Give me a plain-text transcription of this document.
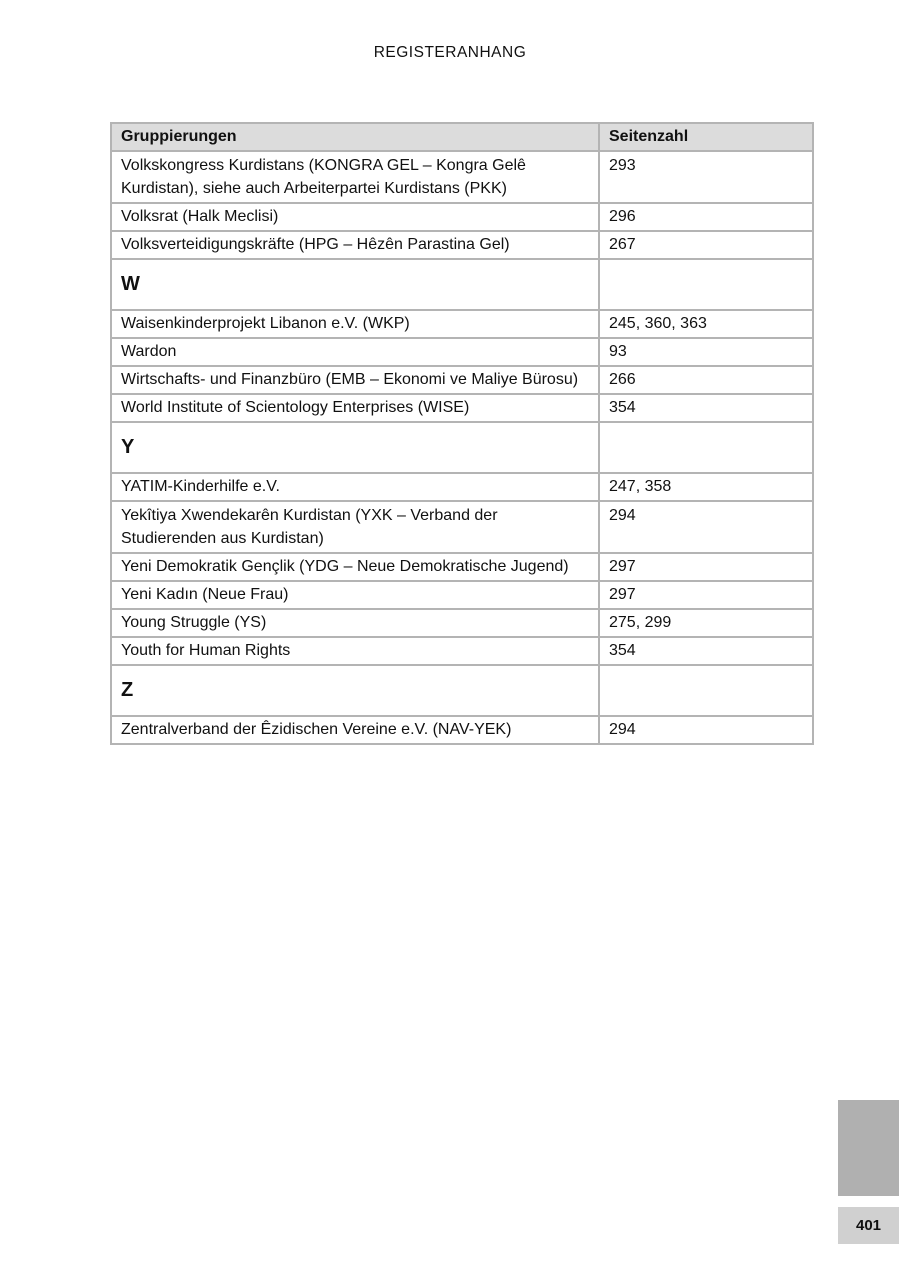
REGISTERANHANG
Gruppierungen	Seitenzahl
Volkskongress Kurdistans (KONGRA GEL – Kongra Gelê Kurdistan), siehe auch Arbeiterpartei Kurdistans (PKK)	293
Volksrat (Halk Meclisi)	296
Volksverteidigungskräfte (HPG – Hêzên Parastina Gel)	267
W	
Waisenkinderprojekt Libanon e.V. (WKP)	245, 360, 363
Wardon	93
Wirtschafts- und Finanzbüro (EMB – Ekonomi ve Maliye Bürosu)	266
World Institute of Scientology Enterprises (WISE)	354
Y	
YATIM-Kinderhilfe e.V.	247, 358
Yekîtiya Xwendekarên Kurdistan (YXK – Verband der Studierenden aus Kurdistan)	294
Yeni Demokratik Gençlik (YDG – Neue Demokratische Jugend)	297
Yeni Kadın (Neue Frau)	297
Young Struggle (YS)	275, 299
Youth for Human Rights	354
Z	
Zentralverband der Êzidischen Vereine e.V. (NAV-YEK)	294
401
